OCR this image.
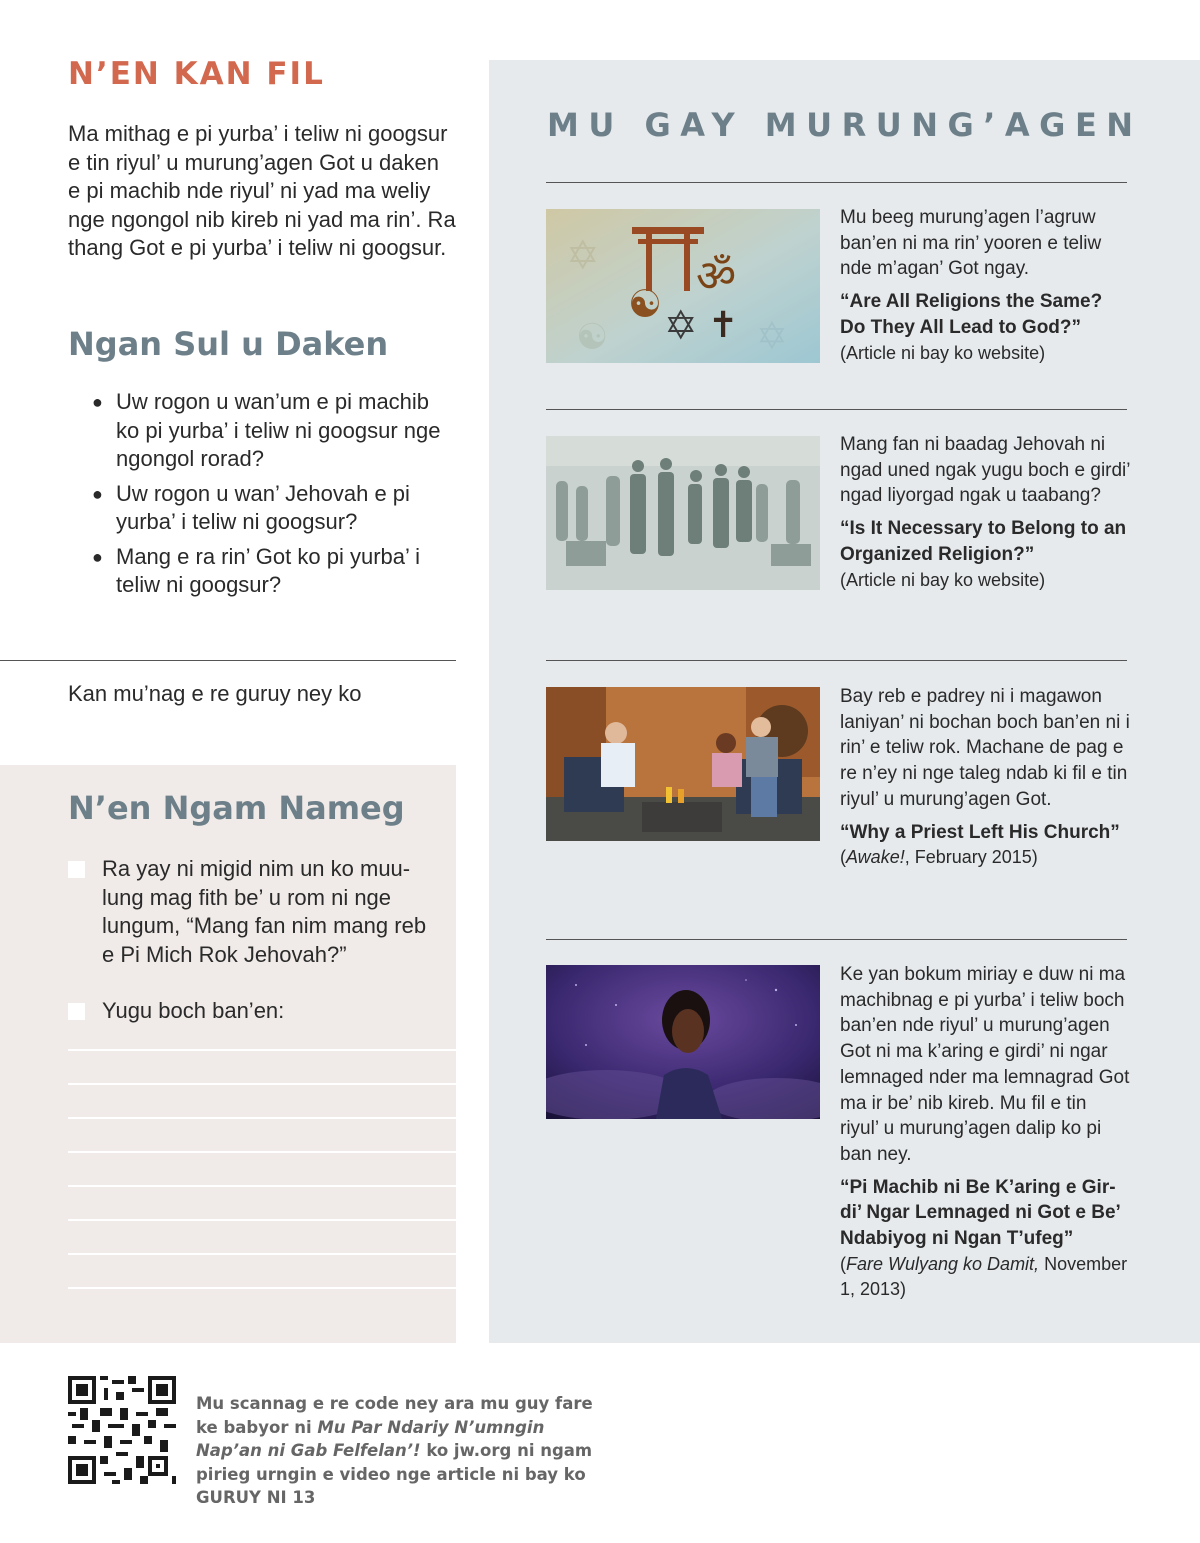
N’EN KAN FIL

Ma mithag e pi yurba’ i teliw ni googsur e tin riyul’ u murung’agen Got u daken e pi machib nde riyul’ ni yad ma weliy nge ngongol nib kireb ni yad ma rin’. Ra thang Got e pi yurba’ i teliw ni googsur.

Ngan Sul u Daken
● Uw rogon u wan’um e pi machib ko pi yurba’ i teliw ni googsur nge ngongol rorad?
● Uw rogon u wan’ Jehovah e pi yurba’ i teliw ni googsur?
● Mang e ra rin’ Got ko pi yurba’ i teliw ni googsur?
Kan mu’nag e re guruy ney ko
N’en Ngam Nameg
Ra yay ni migid nim un ko muulung mag fith be’ u rom ni nge lungum, “Mang fan nim mang reb e Pi Mich Rok Jehovah?”
Yugu boch ban’en:
MU GAY MURUNG’AGEN
✡
✡
☯
ॐ
☯ ✡ ✝

Mu beeg murung’agen l’agruw ban’en ni ma rin’ yooren e teliw nde m’agan’ Got ngay.

“Are All Religions the Same? Do They All Lead to God?”

(Article ni bay ko website)

Mang fan ni baadag Jehovah ni ngad uned ngak yugu boch e girdi’ ngad liyorgad ngak u taabang?

“Is It Necessary to Belong to an Organized Religion?”

(Article ni bay ko website)

Bay reb e padrey ni i magawon laniyan’ ni bochan boch ban’en ni i rin’ e teliw rok. Machane de pag e re n’ey ni nge taleg ndab ki fil e tin riyul’ u murung’agen Got.

“Why a Priest Left His Church”

(Awake!, February 2015)

Ke yan bokum miriay e duw ni ma machibnag e pi yurba’ i teliw boch ban’en nde riyul’ u murung’agen Got ni ma k’aring e girdi’ ni ngar lemnaged nder ma lemnagrad Got ma ir be’ nib kireb. Mu fil e tin riyul’ u murung’agen dalip ko pi ban ney.

“Pi Machib ni Be K’aring e Girdi’ Ngar Lemnaged ni Got e Be’ Ndabiyog ni Ngan T’ufeg”

(Fare Wulyang ko Damit, November 1, 2013)

Mu scannag e re code ney ara mu guy fare ke babyor ni Mu Par Ndariy N’umngin Nap’an ni Gab Felfelan’! ko jw.org ni ngam pirieg urngin e video nge article ni bay ko GURUY NI 13
